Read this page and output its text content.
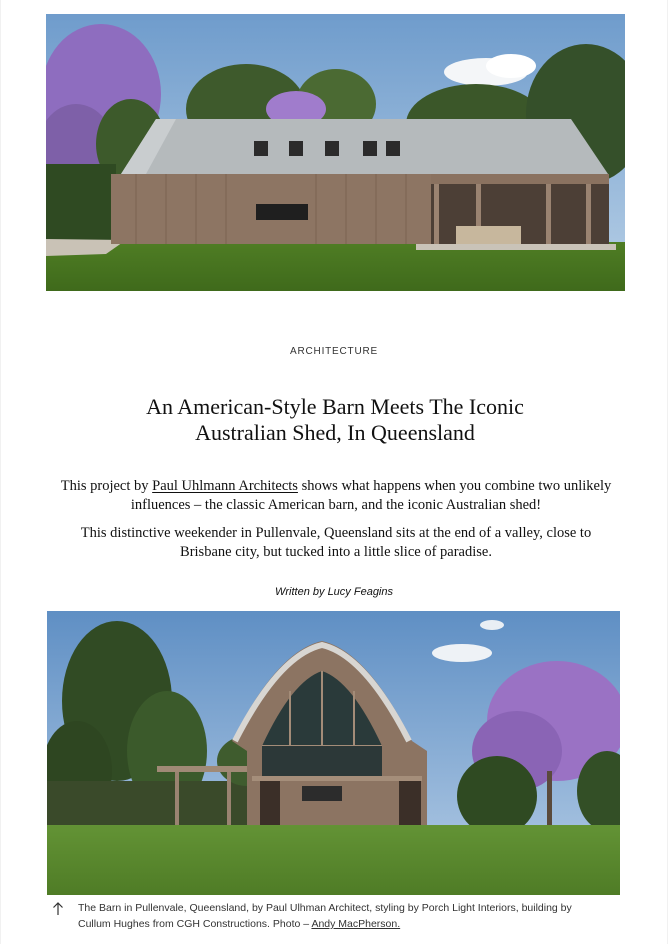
ARCHITECTURE
An American-Style Barn Meets The Iconic Australian Shed, In Queensland

This project by Paul Uhlmann Architects shows what happens when you combine two unlikely influences – the classic American barn, and the iconic Australian shed!

This distinctive weekender in Pullenvale, Queensland sits at the end of a valley, close to Brisbane city, but tucked into a little slice of paradise.

Written by Lucy Feagins
The Barn in Pullenvale, Queensland, by Paul Ulhman Architect, styling by Porch Light Interiors, building by Cullum Hughes from CGH Constructions. Photo – Andy MacPherson.
